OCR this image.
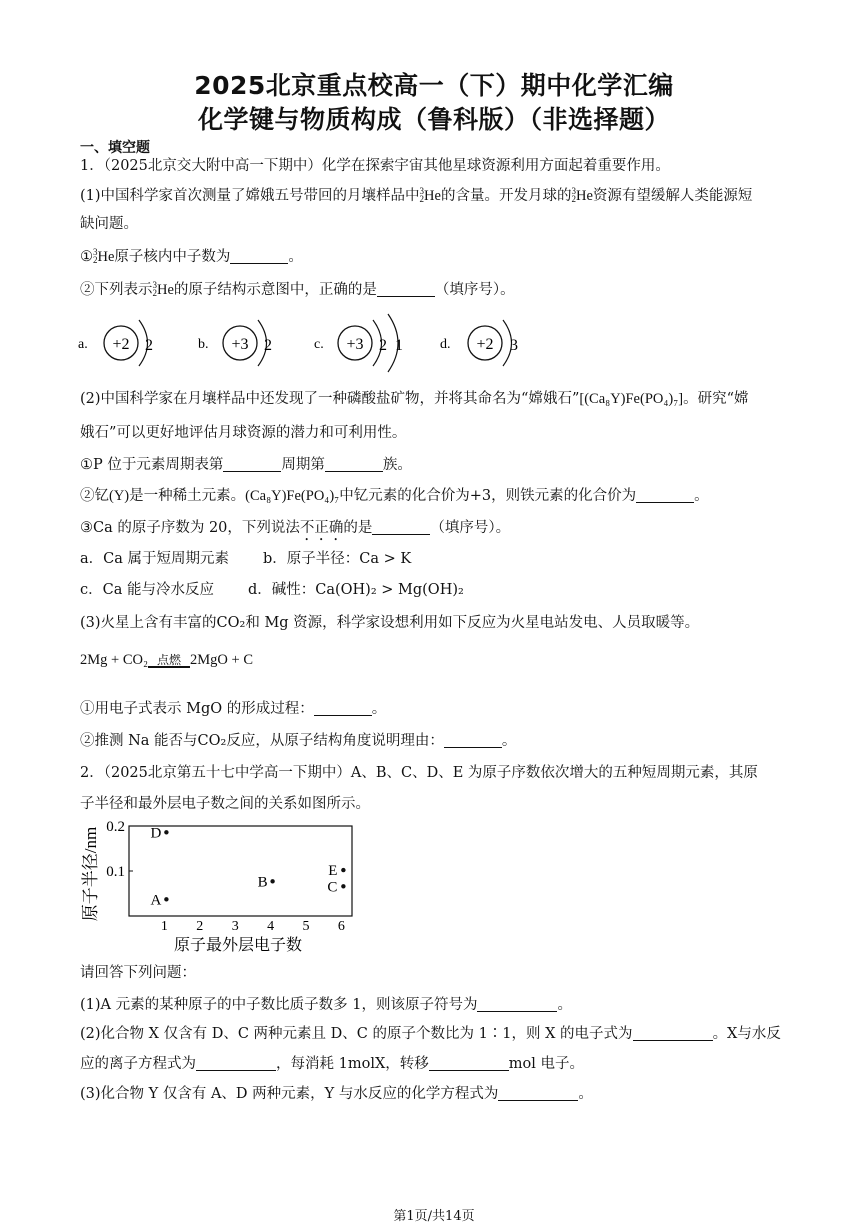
2025北京重点校高一（下）期中化学汇编
化学键与物质构成（鲁科版）（非选择题）
一、填空题
1．（2025北京交大附中高一下期中）化学在探索宇宙其他星球资源利用方面起着重要作用。
(1)中国科学家首次测量了嫦娥五号带回的月壤样品中3
2He的含量。开发月球的3
2He资源有望缓解人类能源短
缺问题。
①3
2He原子核内中子数为	。
②下列表示3
2He的原子结构示意图中，正确的是	（填序号）。
a. +2 2	b. +3 2	c. +3 2 1	d. +2 3
(2)中国科学家在月壤样品中还发现了一种磷酸盐矿物，并将其命名为“嫦娥石”[(Ca₈Y)Fe(PO₄)₇]。研究“嫦
娥石”可以更好地评估月球资源的潜力和可利用性。
①P 位于元素周期表第	周期第	族。
②钇(Y)是一种稀土元素。(Ca₈Y)Fe(PO₄)₇中钇元素的化合价为+3，则铁元素的化合价为	。
③Ca 的原子序数为 20，下列说法不正确的是	（填序号）。
a．Ca 属于短周期元素 b．原子半径：Ca > K
c．Ca 能与冷水反应 d．碱性：Ca(OH)₂ > Mg(OH)₂
(3)火星上含有丰富的CO₂和 Mg 资源，科学家设想利用如下反应为火星电站发电、人员取暖等。
2Mg + CO₂ 点燃 2MgO + C
①用电子式表示 MgO 的形成过程：	。
②推测 Na 能否与CO₂反应，从原子结构角度说明理由：	。
2．（2025北京第五十七中学高一下期中）A、B、C、D、E 为原子序数依次增大的五种短周期元素，其原
子半径和最外层电子数之间的关系如图所示。
原子半径/nm
原子最外层电子数
1 2 3 4 5 6
0.1
0.2
A
D
B
E
C
请回答下列问题：
(1)A 元素的某种原子的中子数比质子数多 1，则该原子符号为	。
(2)化合物 X 仅含有 D、C 两种元素且 D、C 的原子个数比为 1∶1，则 X 的电子式为	。X与水反
应的离子方程式为	，每消耗 1molX，转移	mol 电子。
(3)化合物 Y 仅含有 A、D 两种元素，Y 与水反应的化学方程式为	。
第1页/共14页
